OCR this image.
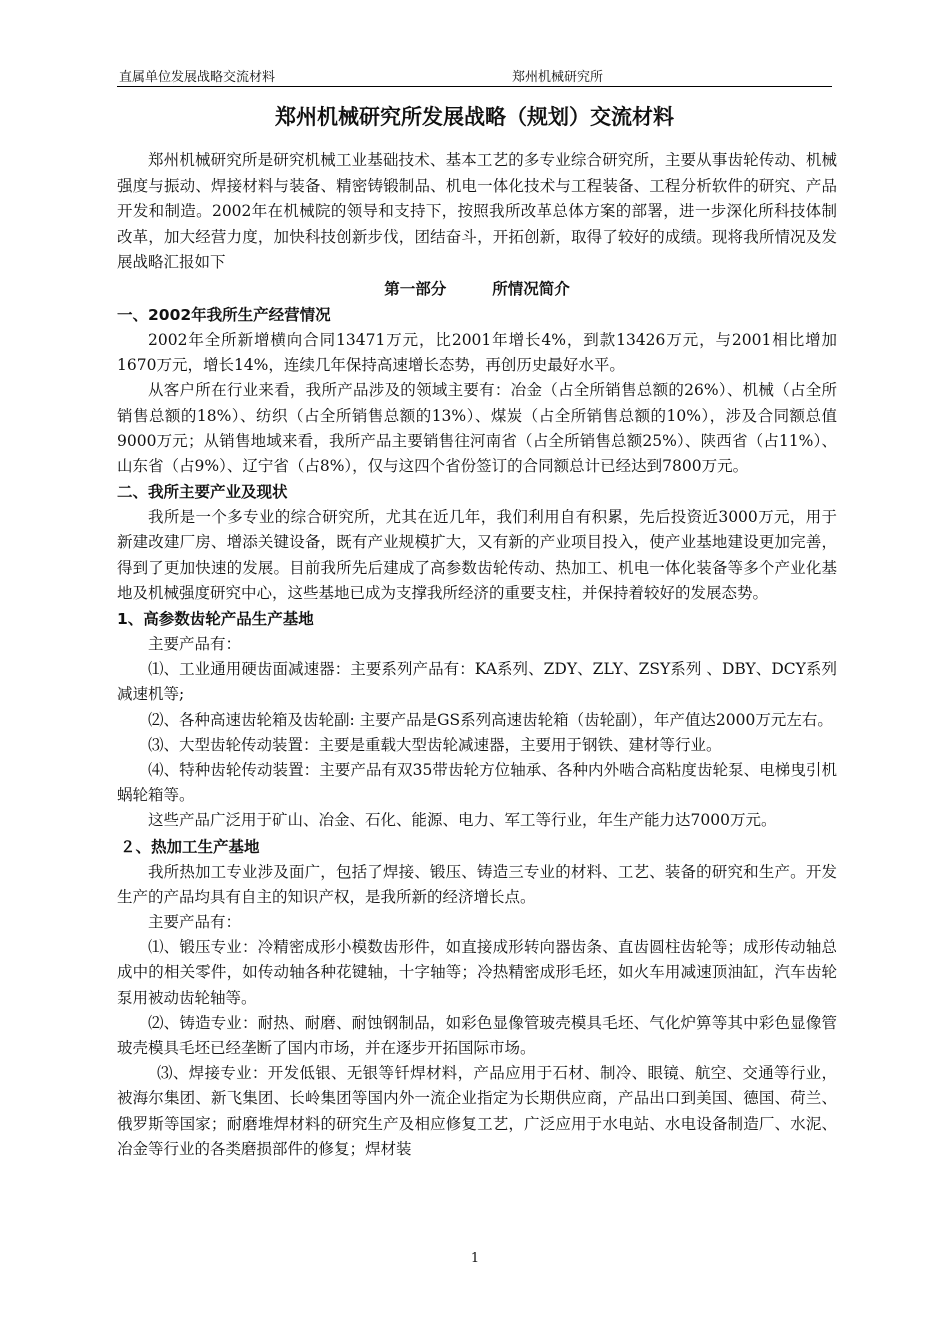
直属单位发展战略交流材料	郑州机械研究所
郑州机械研究所发展战略（规划）交流材料

郑州机械研究所是研究机械工业基础技术、基本工艺的多专业综合研究所，主要从事齿轮传动、机械强度与振动、焊接材料与装备、精密铸锻制品、机电一体化技术与工程装备、工程分析软件的研究、产品开发和制造。2002年在机械院的领导和支持下，按照我所改革总体方案的部署，进一步深化所科技体制改革，加大经营力度，加快科技创新步伐，团结奋斗，开拓创新，取得了较好的成绩。现将我所情况及发展战略汇报如下

第一部分	所情况简介

一、2002年我所生产经营情况

2002年全所新增横向合同13471万元，比2001年增长4%，到款13426万元，与2001相比增加1670万元，增长14%，连续几年保持高速增长态势，再创历史最好水平。

从客户所在行业来看，我所产品涉及的领域主要有：冶金（占全所销售总额的26%）、机械（占全所销售总额的18%）、纺织（占全所销售总额的13%）、煤炭（占全所销售总额的10%），涉及合同额总值9000万元；从销售地域来看，我所产品主要销售往河南省（占全所销售总额25%）、陕西省（占11%）、山东省（占9%）、辽宁省（占8%），仅与这四个省份签订的合同额总计已经达到7800万元。

二、我所主要产业及现状

我所是一个多专业的综合研究所，尤其在近几年，我们利用自有积累，先后投资近3000万元，用于新建改建厂房、增添关键设备，既有产业规模扩大，又有新的产业项目投入，使产业基地建设更加完善，得到了更加快速的发展。目前我所先后建成了高参数齿轮传动、热加工、机电一体化装备等多个产业化基地及机械强度研究中心，这些基地已成为支撑我所经济的重要支柱，并保持着较好的发展态势。

1、高参数齿轮产品生产基地

主要产品有：

⑴、工业通用硬齿面减速器：主要系列产品有：KA系列、ZDY、ZLY、ZSY系列 、DBY、DCY系列减速机等;

⑵、各种高速齿轮箱及齿轮副: 主要产品是GS系列高速齿轮箱（齿轮副），年产值达2000万元左右。

⑶、大型齿轮传动装置：主要是重载大型齿轮减速器，主要用于钢铁、建材等行业。

⑷、特种齿轮传动装置：主要产品有双35带齿轮方位轴承、各种内外啮合高粘度齿轮泵、电梯曳引机蜗轮箱等。

这些产品广泛用于矿山、冶金、石化、能源、电力、军工等行业，年生产能力达7000万元。

２、热加工生产基地

我所热加工专业涉及面广，包括了焊接、锻压、铸造三专业的材料、工艺、装备的研究和生产。开发生产的产品均具有自主的知识产权，是我所新的经济增长点。

主要产品有：

⑴、锻压专业：冷精密成形小模数齿形件，如直接成形转向器齿条、直齿圆柱齿轮等；成形传动轴总成中的相关零件，如传动轴各种花键轴，十字轴等；冷热精密成形毛坯，如火车用减速顶油缸，汽车齿轮泵用被动齿轮轴等。

⑵、铸造专业：耐热、耐磨、耐蚀钢制品，如彩色显像管玻壳模具毛坯、气化炉箅等其中彩色显像管玻壳模具毛坯已经垄断了国内市场，并在逐步开拓国际市场。

⑶、焊接专业：开发低银、无银等钎焊材料，产品应用于石材、制冷、眼镜、航空、交通等行业，被海尔集团、新飞集团、长岭集团等国内外一流企业指定为长期供应商，产品出口到美国、德国、荷兰、俄罗斯等国家；耐磨堆焊材料的研究生产及相应修复工艺，广泛应用于水电站、水电设备制造厂、水泥、冶金等行业的各类磨损部件的修复；焊材装

1
